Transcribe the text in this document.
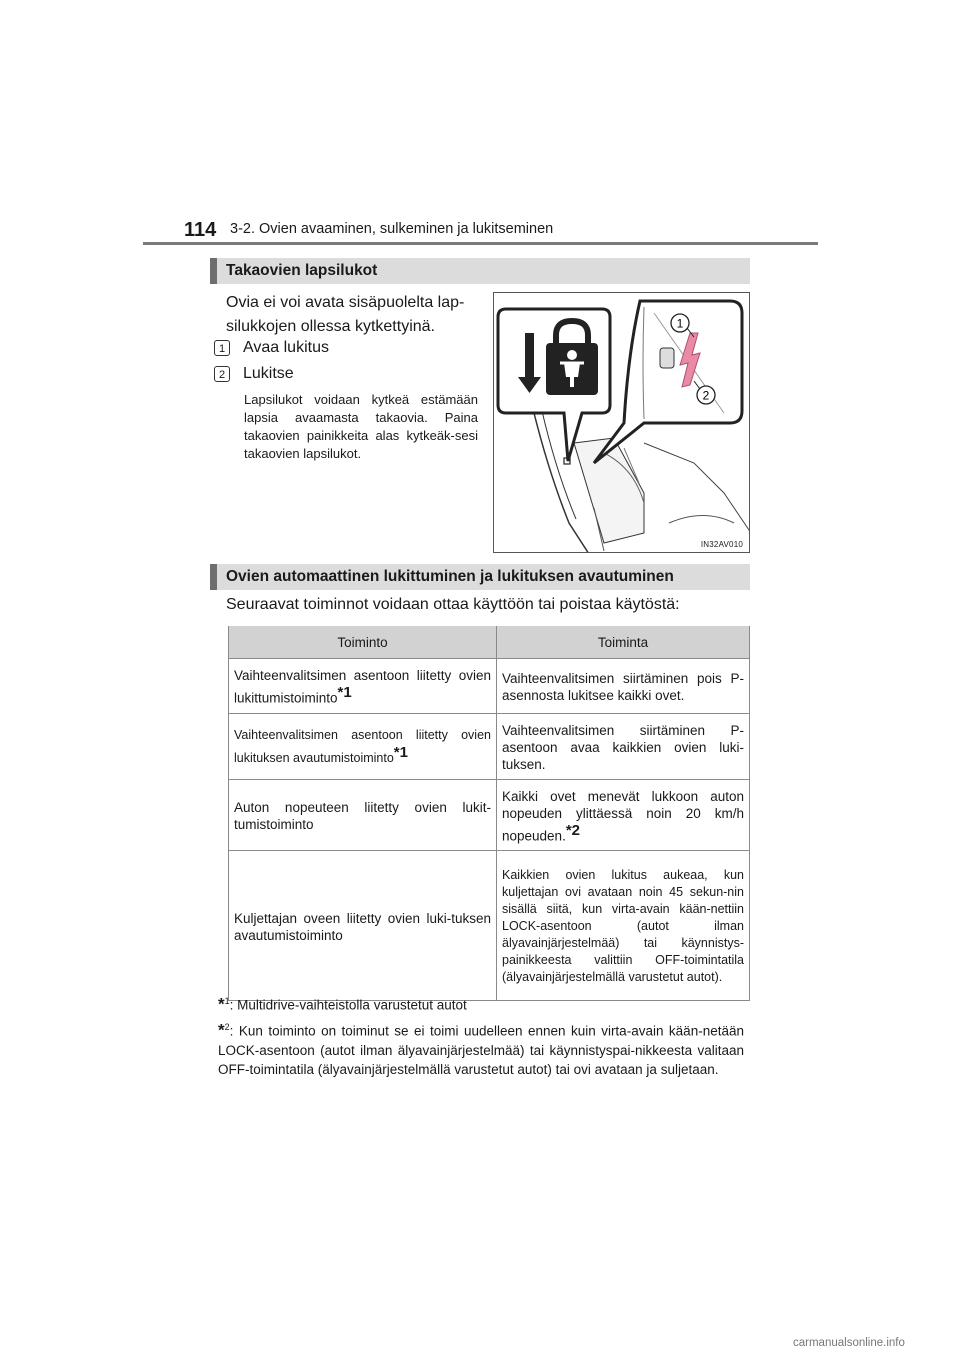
114 3-2. Ovien avaaminen, sulkeminen ja lukitseminen
Takaovien lapsilukot
Ovia ei voi avata sisäpuolelta lap-silukkojen ollessa kytkettyinä.
1 Avaa lukitus
2 Lukitse
Lapsilukot voidaan kytkeä estämään lapsia avaamasta takaovia. Paina takaovien painikkeita alas kytkeäk-sesi takaovien lapsilukot.
1
2
IN32AV010
Ovien automaattinen lukittuminen ja lukituksen avautuminen
Seuraavat toiminnot voidaan ottaa käyttöön tai poistaa käytöstä:
Toiminto	Toiminta
Vaihteenvalitsimen asentoon liitetty ovien lukittumistoiminto$^{*1}$	Vaihteenvalitsimen siirtäminen pois P-asennosta lukitsee kaikki ovet.
Vaihteenvalitsimen asentoon liitetty ovien lukituksen avautumistoiminto$^{*1}$	Vaihteenvalitsimen siirtäminen P-asentoon avaa kaikkien ovien luki-tuksen.
Auton nopeuteen liitetty ovien lukit-tumistoiminto	Kaikki ovet menevät lukkoon auton nopeuden ylittäessä noin 20 km/h nopeuden.$^{*2}$
Kuljettajan oveen liitetty ovien luki-tuksen avautumistoiminto	Kaikkien ovien lukitus aukeaa, kun kuljettajan ovi avataan noin 45 sekun-nin sisällä siitä, kun virta-avain kään-nettiin LOCK-asentoon (autot ilman älyavainjärjestelmää) tai käynnistys-painikkeesta valittiin OFF-toimintatila (älyavainjärjestelmällä varustetut autot).
*$^1$: Multidrive-vaihteistolla varustetut autot
*$^2$: Kun toiminto on toiminut se ei toimi uudelleen ennen kuin virta-avain kään-netään LOCK-asentoon (autot ilman älyavainjärjestelmää) tai käynnistyspai-nikkeesta valitaan OFF-toimintatila (älyavainjärjestelmällä varustetut autot) tai ovi avataan ja suljetaan.
carmanualsonline.info
